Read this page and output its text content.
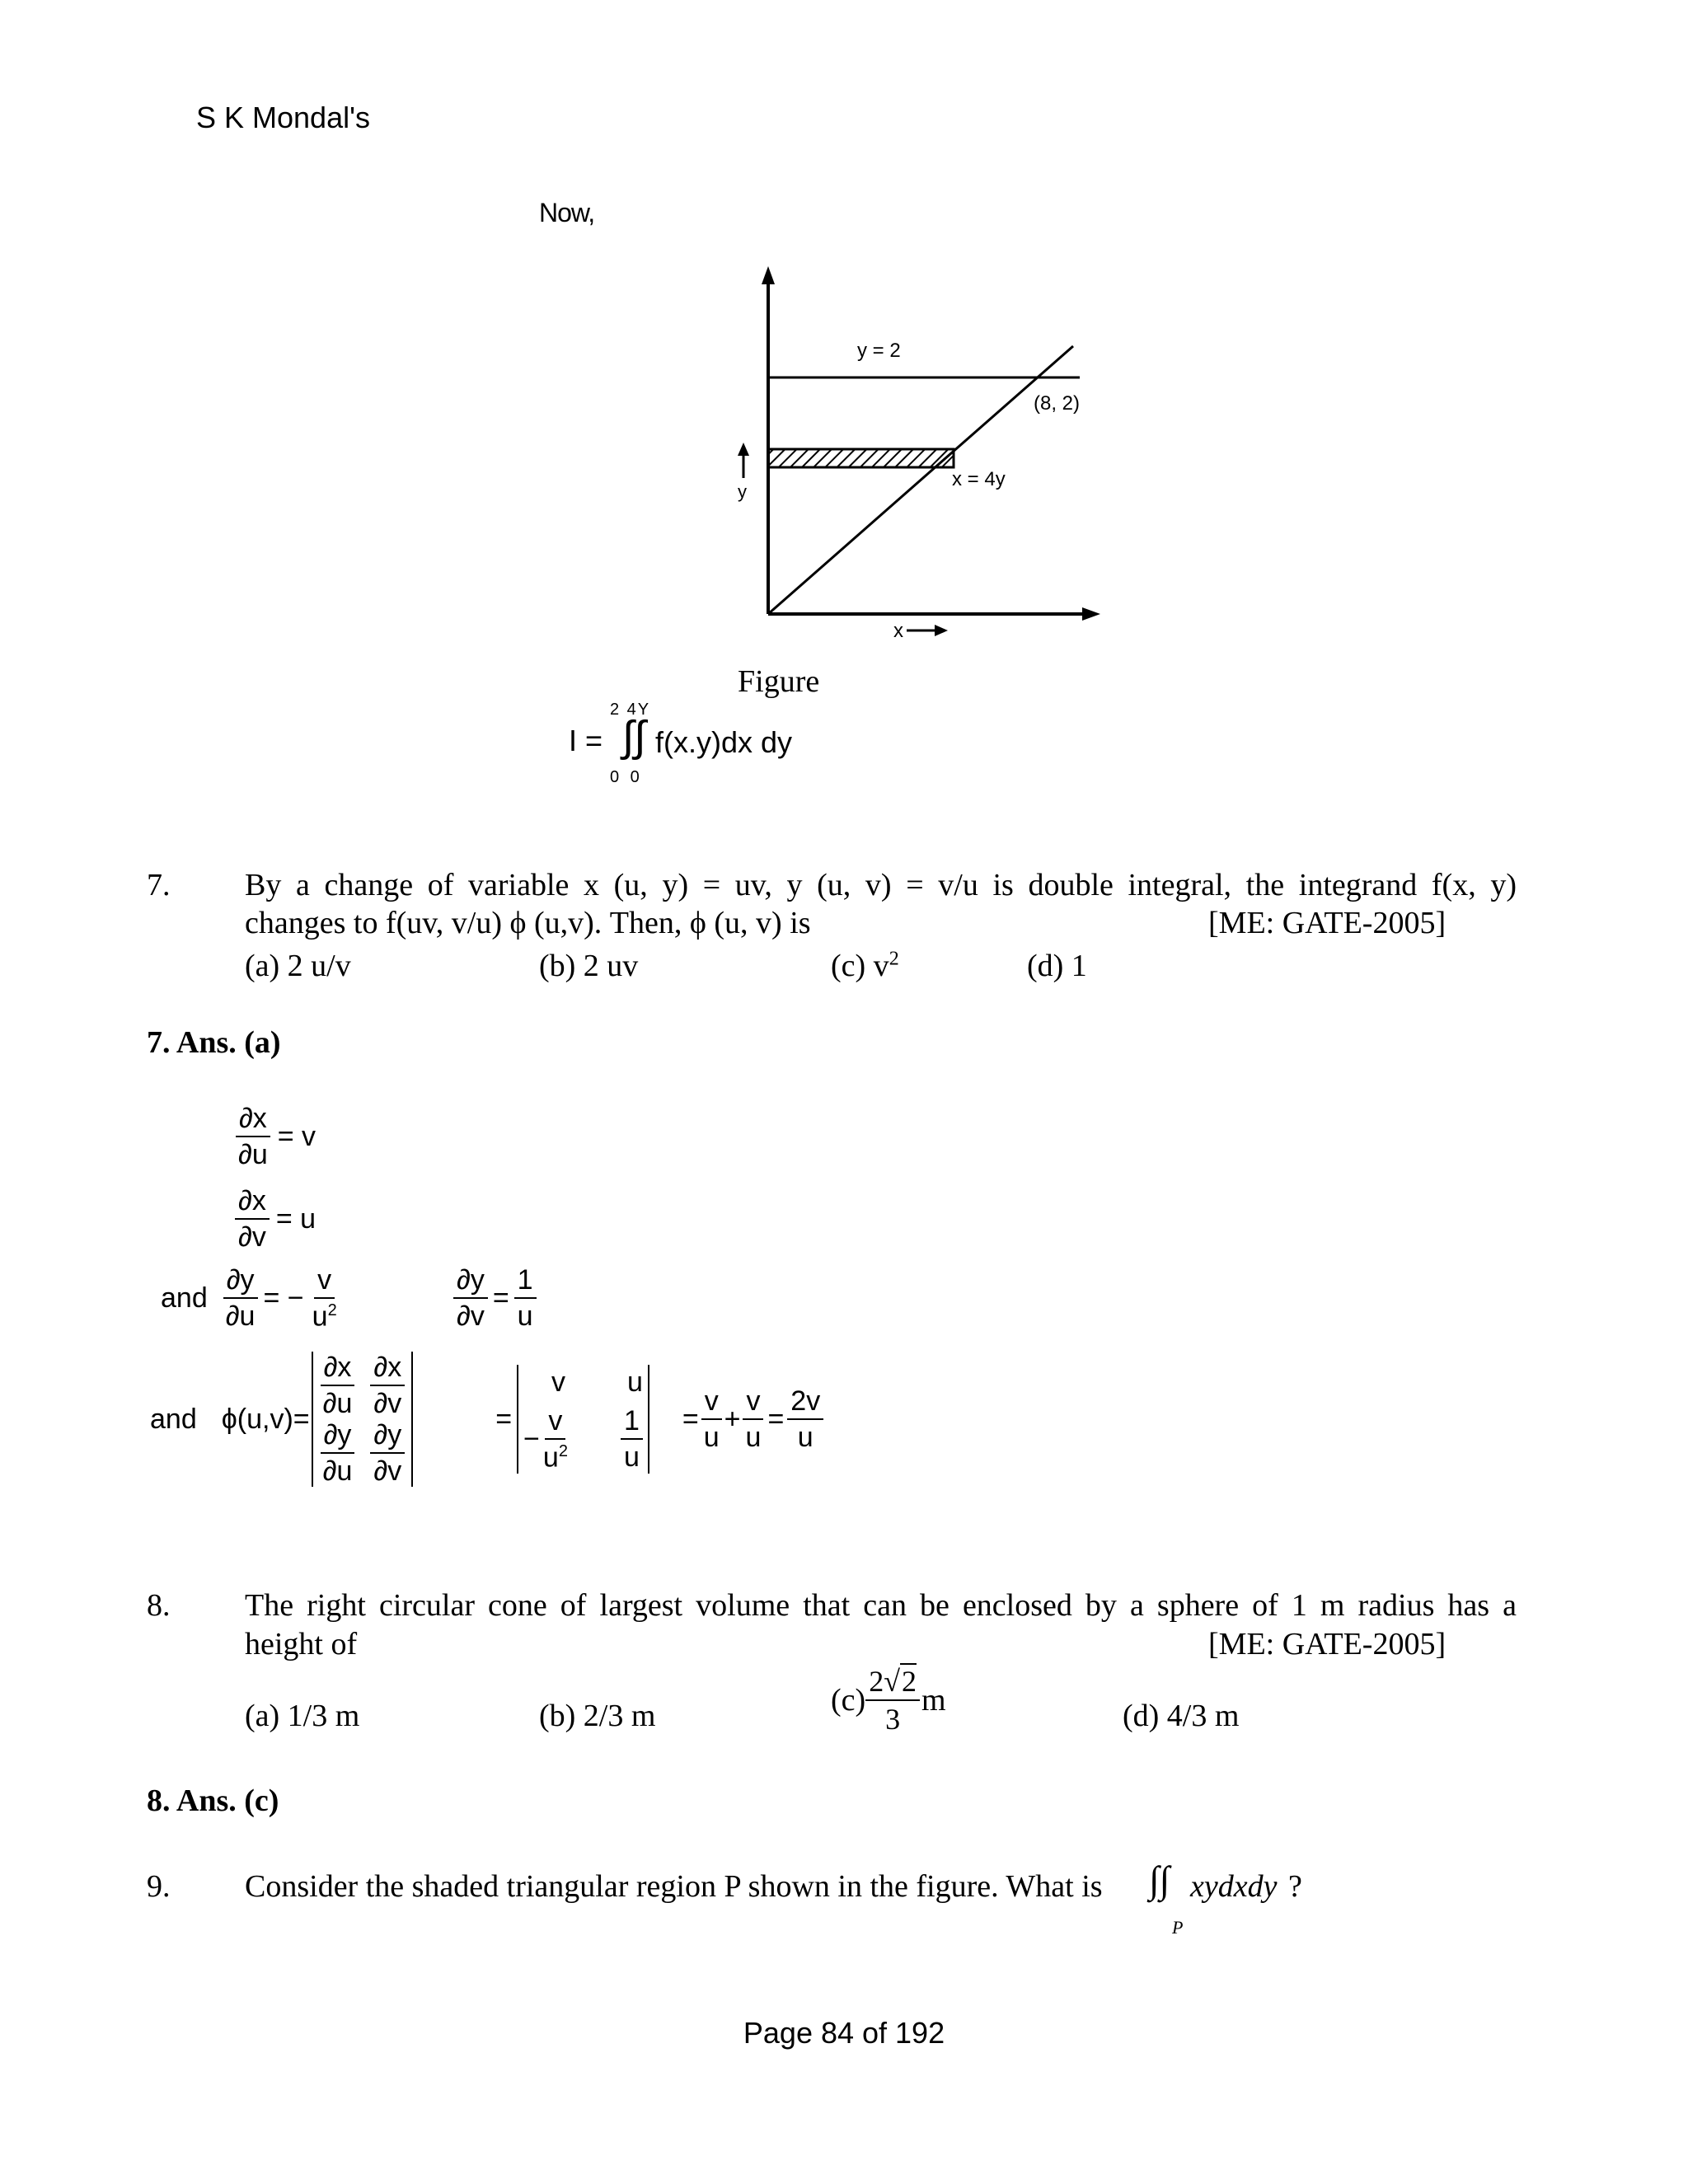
S K Mondal's
Now,
y = 2
(8, 2)
x = 4y
y
x
Figure
I = ∫∫
2 4Y
0 0
f(x.y)dx dy
7. By a change of variable x (u, y) = uv, y (u, v) = v/u is double integral, the integrand f(x, y)
changes to f(uv, v/u) ϕ (u,v). Then, ϕ (u, v) is	[ME: GATE-2005]
(a) 2 u/v	(b) 2 uv	(c) $v^2$	(d) 1
7. Ans. (a)
$\frac{\partial x}{\partial u} = v$
$\frac{\partial x}{\partial v} = u$
and $\frac{\partial y}{\partial u}$ = − $\frac{v}{u^2}$	$\frac{\partial y}{\partial v} = \frac{1}{u}$
and ϕ(u,v)=
$\frac{\partial x}{\partial u} \frac{\partial x}{\partial v}$
$\frac{\partial y}{\partial u} \frac{\partial y}{\partial v}$
=
v u
− $\frac{v}{u^2} \frac{1}{u} = \frac{v}{u} + \frac{v}{u} = \frac{2v}{u}$
8. The right circular cone of largest volume that can be enclosed by a sphere of 1 m radius has a
height of	[ME: GATE-2005]
(a) 1/3 m	(b) 2/3 m	$(c) \frac{2√2}{3}$ m	(d) 4/3 m
8. Ans. (c)
9. Consider the shaded triangular region P shown in the figure. What is ∫∫
P
xydxdy ?
Page 84 of 192
